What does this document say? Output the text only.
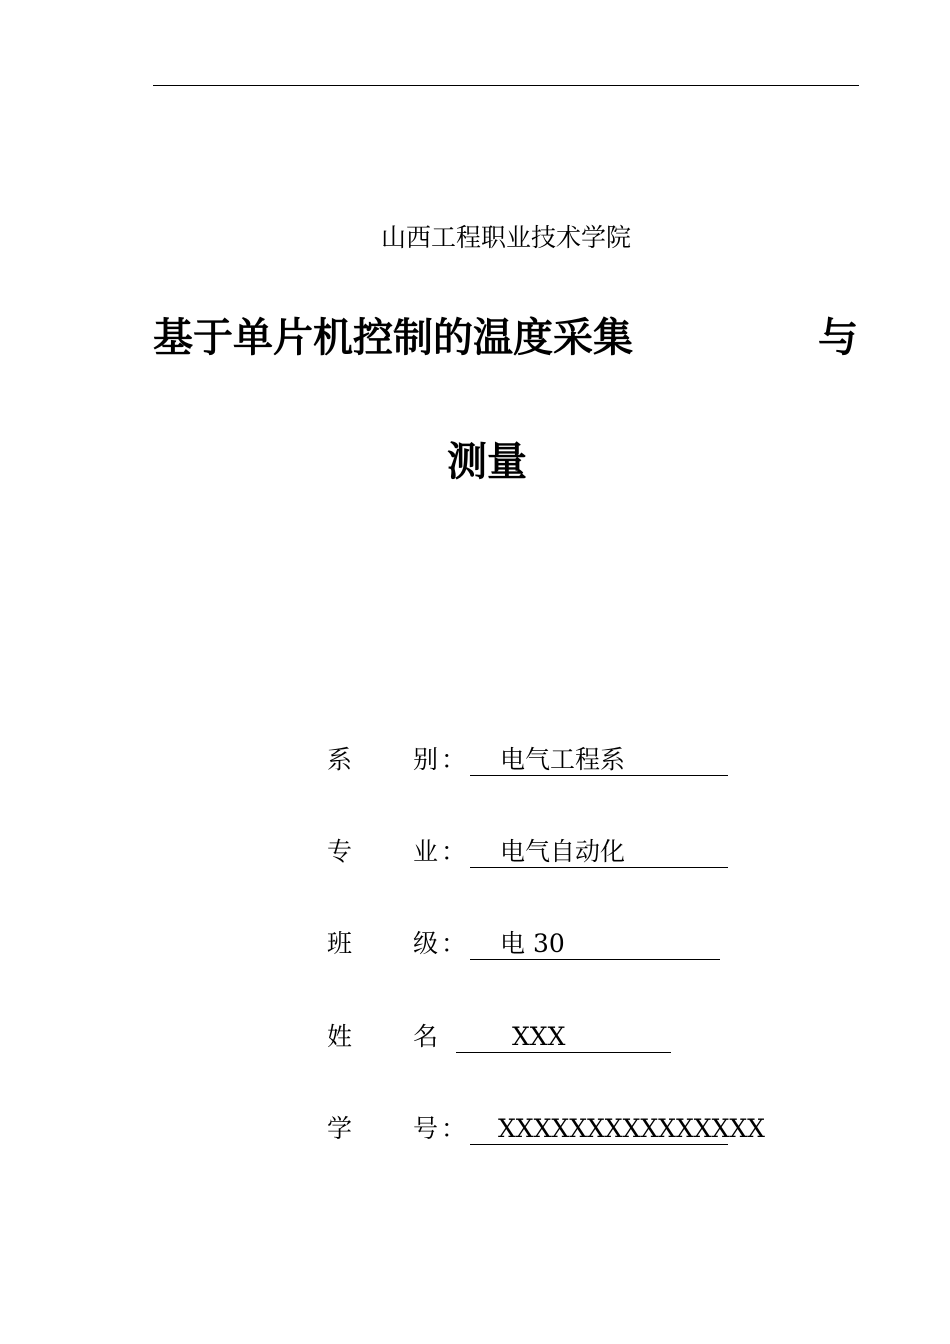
山西工程职业技术学院
基于单片机控制的温度采集	与
测量
系 别 ： 电气工程系
专 业 ： 电气自动化
班 级 ： 电 30
姓 名	XXX
学 号 ： XXXXXXXXXXXXXXX
